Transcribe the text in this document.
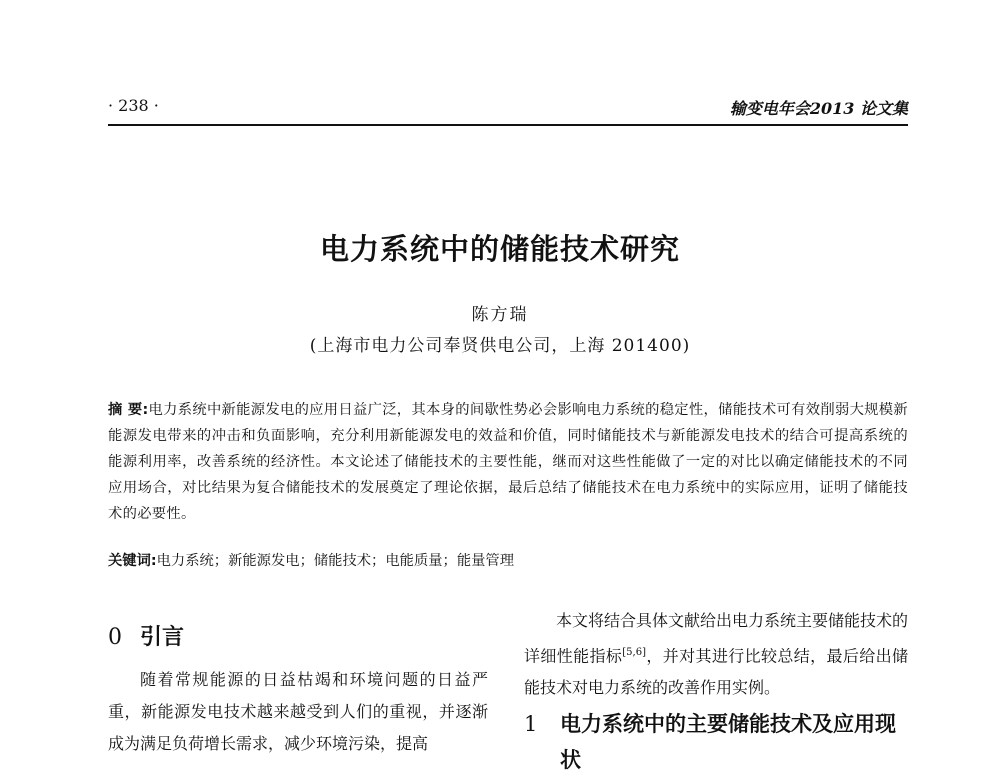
· 238 ·	输变电年会2013 论文集
电力系统中的储能技术研究
陈方瑞
(上海市电力公司奉贤供电公司，上海 201400)
摘 要:电力系统中新能源发电的应用日益广泛，其本身的间歇性势必会影响电力系统的稳定性，储能技术可有效削弱大规模新能源发电带来的冲击和负面影响，充分利用新能源发电的效益和价值，同时储能技术与新能源发电技术的结合可提高系统的能源利用率，改善系统的经济性。本文论述了储能技术的主要性能，继而对这些性能做了一定的对比以确定储能技术的不同应用场合，对比结果为复合储能技术的发展奠定了理论依据，最后总结了储能技术在电力系统中的实际应用，证明了储能技术的必要性。
关键词:电力系统；新能源发电；储能技术；电能质量；能量管理
0 引言

随着常规能源的日益枯竭和环境问题的日益严重，新能源发电技术越来越受到人们的重视，并逐渐成为满足负荷增长需求，减少环境污染，提高

本文将结合具体文献给出电力系统主要储能技术的详细性能指标[5,6]，并对其进行比较总结，最后给出储能技术对电力系统的改善作用实例。

1 电力系统中的主要储能技术及应用现状
